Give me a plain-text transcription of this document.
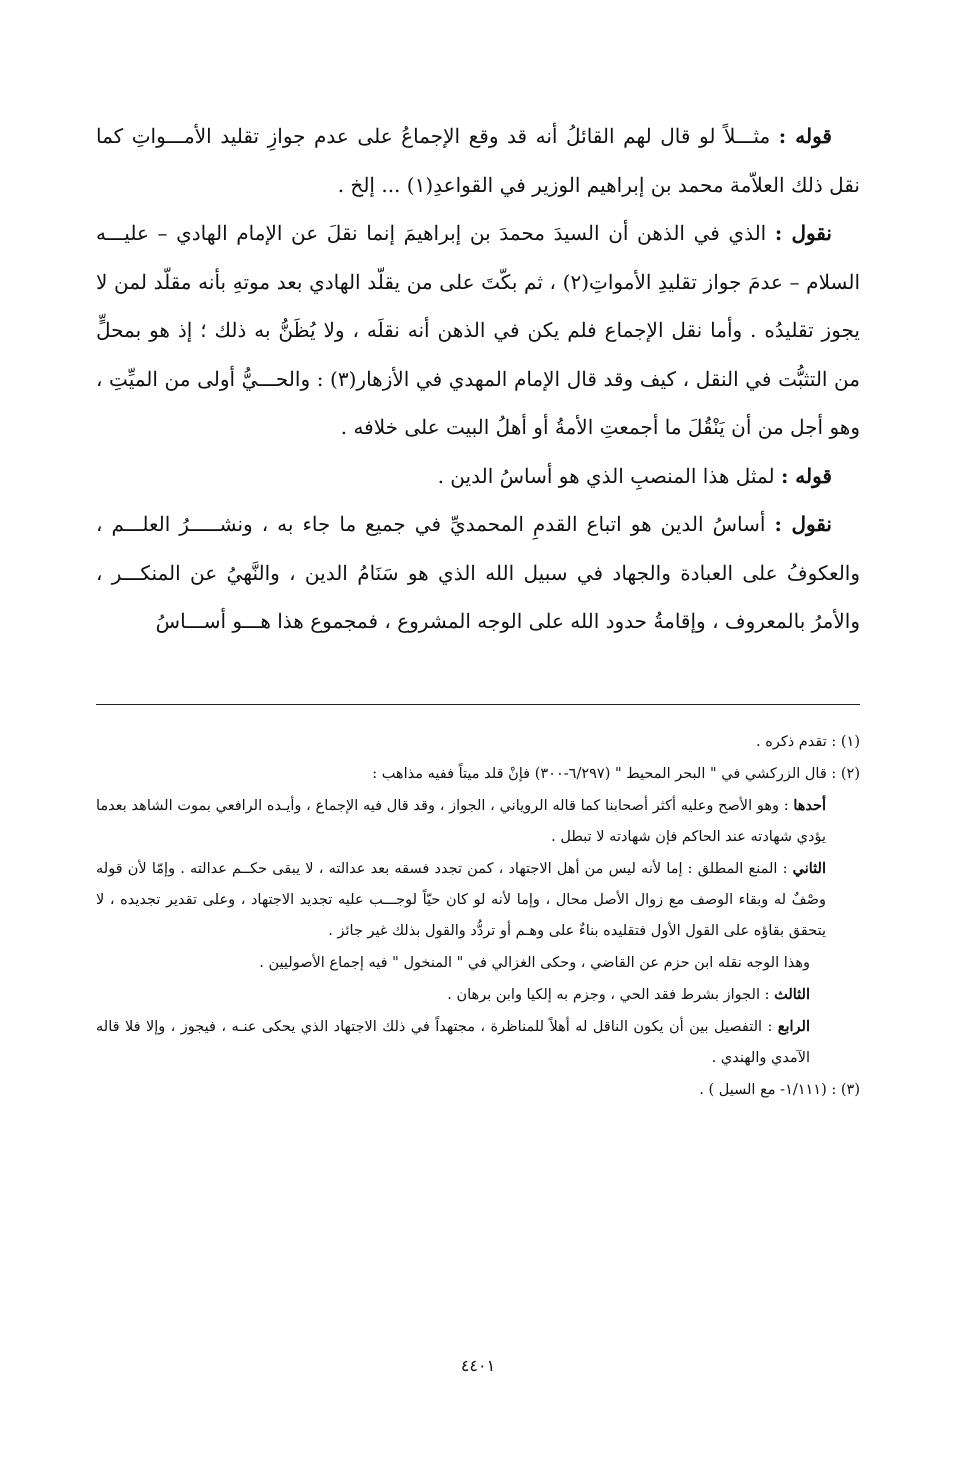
قوله : مثـــلاً لو قال لهم القائلُ أنه قد وقع الإجماعُ على عدم جوازِ تقليد الأمـــواتِ كما نقل ذلك العلاّمة محمد بن إبراهيم الوزير في القواعدِ(١) ... إلخ .

نقول : الذي في الذهن أن السيدَ محمدَ بن إبراهيمَ إنما نقلَ عن الإمام الهادي – عليـــه السلام – عدمَ جواز تقليدِ الأمواتِ(٢) ، ثم بكّتَ على من يقلّد الهادي بعد موتهِ بأنه مقلّد لمن لا يجوز تقليدُه . وأما نقل الإجماع فلم يكن في الذهن أنه نقلَه ، ولا يُظَنُّ به ذلك ؛ إذ هو بمحلٍّ من التثبُّت في النقل ، كيف وقد قال الإمام المهدي في الأزهار(٣) : والحـــيُّ أولى من الميِّتِ ، وهو أجل من أن يَنْقُلَ ما أجمعتِ الأمةُ أو أهلُ البيت على خلافه .

قوله : لمثل هذا المنصبِ الذي هو أساسُ الدين .

نقول : أساسُ الدين هو اتباع القدمِ المحمديِّ في جميع ما جاء به ، ونشـــــرُ العلـــم ، والعكوفُ على العبادة والجهاد في سبيل الله الذي هو سَنَامُ الدين ، والنَّهيُ عن المنكـــر ، والأمرُ بالمعروف ، وإقامةُ حدود الله على الوجه المشروع ، فمجموع هذا هـــو أســـاسُ

(١) : تقدم ذكره .

(٢) : قال الزركشي في " البحر المحيط " (٦/٢٩٧-٣٠٠) فإنْ قلد ميتاً ففيه مذاهب :

أحدها : وهو الأصح وعليه أكثر أصحابنا كما قاله الروياني ، الجواز ، وقد قال فيه الإجماع ، وأيـده الرافعي بموت الشاهد بعدما يؤدي شهادته عند الحاكم فإن شهادته لا تبطل .

الثاني : المنع المطلق : إما لأنه ليس من أهل الاجتهاد ، كمن تجدد فسقه بعد عدالته ، لا يبقى حكــم عدالته . وإمّا لأن قوله وصْفٌ له وبقاء الوصف مع زوال الأصل محال ، وإما لأنه لو كان حيّاً لوجـــب عليه تجديد الاجتهاد ، وعلى تقدير تجديده ، لا يتحقق بقاؤه على القول الأول فتقليده بناءٌ على وهـم أو تردُّد والقول بذلك غير جائز .

وهذا الوجه نقله ابن حزم عن القاضي ، وحكى الغزالي في " المنخول " فيه إجماع الأصوليين .

الثالث : الجواز بشرط فقد الحي ، وجزم به إلكيا وابن برهان .

الرابع : التفصيل بين أن يكون الناقل له أهلاً للمناظرة ، مجتهداً في ذلك الاجتهاد الذي يحكى عنـه ، فيجوز ، وإلا فلا قاله الآمدي والهندي .

(٣) : (١/١١١- مع السيل ) .

٤٤٠١
